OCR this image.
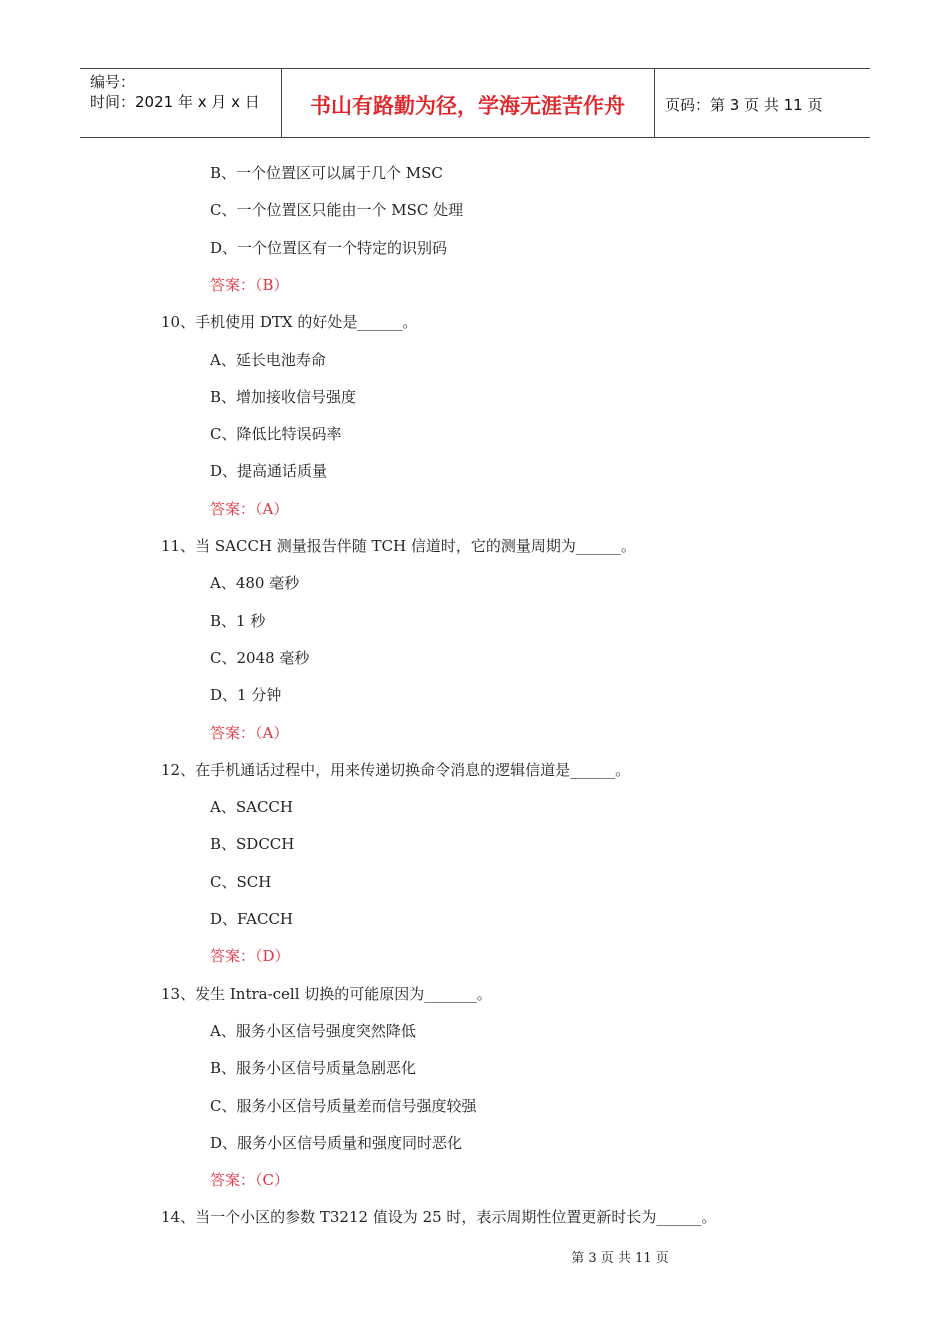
编号：
时间：2021 年 x 月 x 日	书山有路勤为径，学海无涯苦作舟	页码：第 3 页 共 11 页
B、一个位置区可以属于几个 MSC
C、一个位置区只能由一个 MSC 处理
D、一个位置区有一个特定的识别码
答案：（B）
10、手机使用 DTX 的好处是______。
A、延长电池寿命
B、增加接收信号强度
C、降低比特误码率
D、提高通话质量
答案：（A）
11、当 SACCH 测量报告伴随 TCH 信道时，它的测量周期为______。
A、480 毫秒
B、1 秒
C、2048 毫秒
D、1 分钟
答案：（A）
12、在手机通话过程中，用来传递切换命令消息的逻辑信道是______。
A、SACCH
B、SDCCH
C、SCH
D、FACCH
答案：（D）
13、发生 Intra-cell 切换的可能原因为_______。
A、服务小区信号强度突然降低
B、服务小区信号质量急剧恶化
C、服务小区信号质量差而信号强度较强
D、服务小区信号质量和强度同时恶化
答案：（C）
14、当一个小区的参数 T3212 值设为 25 时，表示周期性位置更新时长为______。
第 3 页 共 11 页
